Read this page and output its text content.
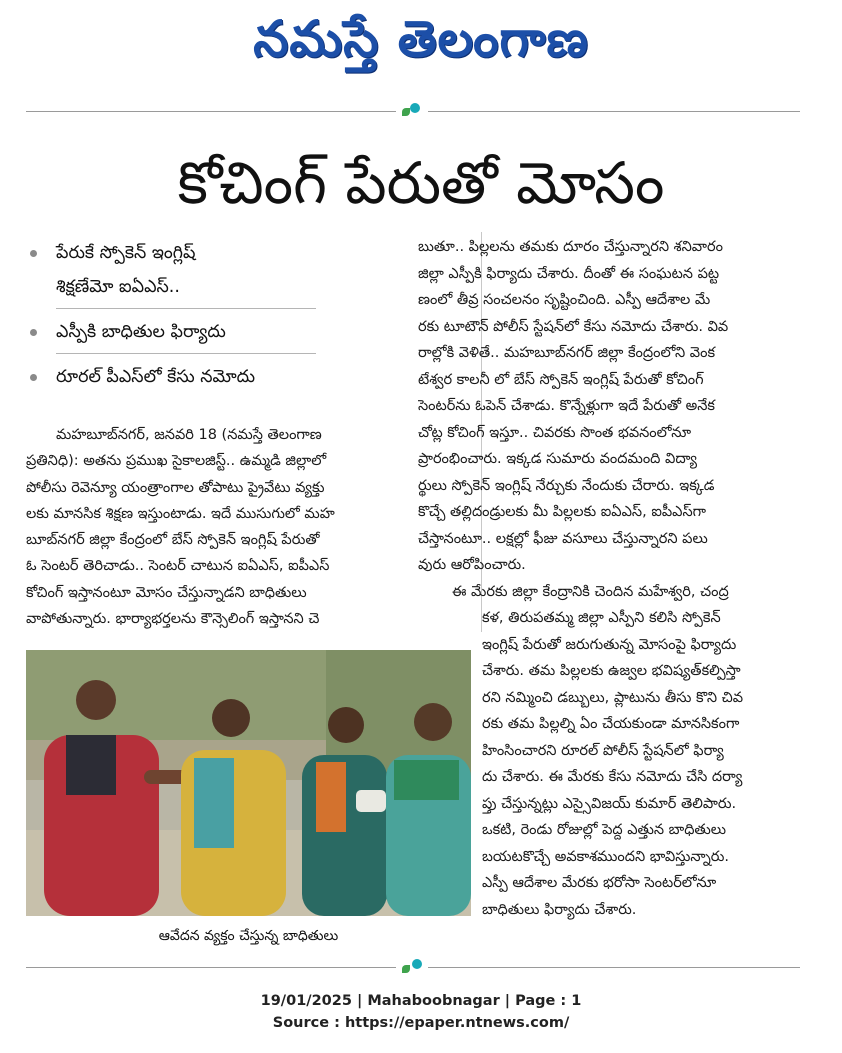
నమస్తే తెలంగాణ
కోచింగ్ పేరుతో మోసం
పేరుకే స్పోకెన్ ఇంగ్లిష్
శిక్షణేమో ఐఏఎస్..
ఎస్పీకి బాధితుల ఫిర్యాదు
రూరల్ పీఎస్‌లో కేసు నమోదు
మహబూబ్‌నగర్, జనవరి 18 (నమస్తే తెలంగాణ
ప్రతినిధి): అతను ప్రముఖ సైకాలజిస్ట్.. ఉమ్మడి జిల్లాలో
పోలీసు రెవెన్యూ యంత్రాంగాల తోపాటు ప్రైవేటు వ్యక్తు
లకు మానసిక శిక్షణ ఇస్తుంటాడు. ఇదే ముసుగులో మహ
బూబ్‌నగర్ జిల్లా కేంద్రంలో బేస్ స్పోకెన్ ఇంగ్లిష్ పేరుతో
ఓ సెంటర్ తెరిచాడు.. సెంటర్ చాటున ఐఏఎస్, ఐపీఎస్
కోచింగ్ ఇస్తానంటూ మోసం చేస్తున్నాడని బాధితులు
వాపోతున్నారు. భార్యాభర్తలను కౌన్సెలింగ్ ఇస్తానని చె
బుతూ.. పిల్లలను తమకు దూరం చేస్తున్నారని శనివారం
జిల్లా ఎస్పీకి ఫిర్యాదు చేశారు. దీంతో ఈ సంఘటన పట్ట
ణంలో తీవ్ర సంచలనం సృష్టించింది. ఎస్పీ ఆదేశాల మే
రకు టూటౌన్ పోలీస్ స్టేషన్‌లో కేసు నమోదు చేశారు. వివ
రాల్లోకి వెళితే.. మహబూబ్‌నగర్ జిల్లా కేంద్రంలోని వెంక
టేశ్వర కాలనీ లో బేస్ స్పోకెన్ ఇంగ్లిష్ పేరుతో కోచింగ్
సెంటర్‌ను ఓపెన్ చేశాడు. కొన్నేళ్లుగా ఇదే పేరుతో అనేక
చోట్ల కోచింగ్ ఇస్తూ.. చివరకు సొంత భవనంలోనూ
ప్రారంభించారు. ఇక్కడ సుమారు వందమంది విద్యా
ర్థులు స్పోకెన్ ఇంగ్లిష్ నేర్చుకు నేందుకు చేరారు. ఇక్కడ
కొచ్చే తల్లిదండ్రులకు మీ పిల్లలకు ఐఏఎస్, ఐపీఎస్‌గా
చేస్తానంటూ.. లక్షల్లో ఫీజు వసూలు చేస్తున్నారని పలు
వురు ఆరోపించారు.
ఈ మేరకు జిల్లా కేంద్రానికి చెందిన మహేశ్వరి, చంద్ర
కళ, తిరుపతమ్మ జిల్లా ఎస్పీని కలిసి స్పోకెన్
ఇంగ్లిష్ పేరుతో జరుగుతున్న మోసంపై ఫిర్యాదు
చేశారు. తమ పిల్లలకు ఉజ్వల భవిష్యత్‌కల్పిస్తా
రని నమ్మించి డబ్బులు, ప్లాటును తీసు కొని చివ
రకు తమ పిల్లల్ని ఏం చేయకుండా మానసికంగా
హింసించారని రూరల్ పోలీస్ స్టేషన్‌లో ఫిర్యా
దు చేశారు. ఈ మేరకు కేసు నమోదు చేసి దర్యా
ప్తు చేస్తున్నట్లు ఎస్సైవిజయ్ కుమార్ తెలిపారు.
ఒకటి, రెండు రోజుల్లో పెద్ద ఎత్తున బాధితులు
బయటకొచ్చే అవకాశముందని భావిస్తున్నారు.
ఎస్పీ ఆదేశాల మేరకు భరోసా సెంటర్‌లోనూ
బాధితులు ఫిర్యాదు చేశారు.
ఆవేదన వ్యక్తం చేస్తున్న బాధితులు
19/01/2025 | Mahaboobnagar | Page : 1
Source : https://epaper.ntnews.com/
